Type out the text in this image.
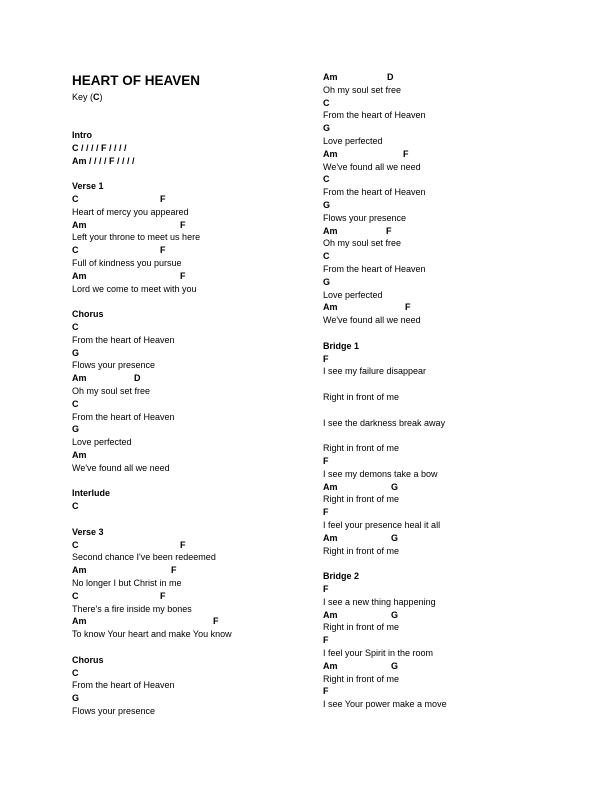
HEART OF HEAVEN
Key (C)
Intro
C / / / / F / / / /
Am / / / / F / / / /
Verse 1
C	F
Heart of mercy you appeared
Am	F
Left your throne to meet us here
C	F
Full of kindness you pursue
Am	F
Lord we come to meet with you
Chorus
C
From the heart of Heaven
G
Flows your presence
Am	D
Oh my soul set free
C
From the heart of Heaven
G
Love perfected
Am
We've found all we need
Interlude
C
Verse 3
C	F
Second chance I've been redeemed
Am	F
No longer I but Christ in me
C	F
There's a fire inside my bones
Am	F
To know Your heart and make You know
Chorus
C
From the heart of Heaven
G
Flows your presence
Am	D
Oh my soul set free
C
From the heart of Heaven
G
Love perfected
Am	F
We've found all we need
C
From the heart of Heaven
G
Flows your presence
Am	F
Oh my soul set free
C
From the heart of Heaven
G
Love perfected
Am	F
We've found all we need
Bridge 1
F
I see my failure disappear
Right in front of me
I see the darkness break away
Right in front of me
F
I see my demons take a bow
Am	G
Right in front of me
F
I feel your presence heal it all
Am	G
Right in front of me
Bridge 2
F
I see a new thing happening
Am	G
Right in front of me
F
I feel your Spirit in the room
Am	G
Right in front of me
F
I see Your power make a move
